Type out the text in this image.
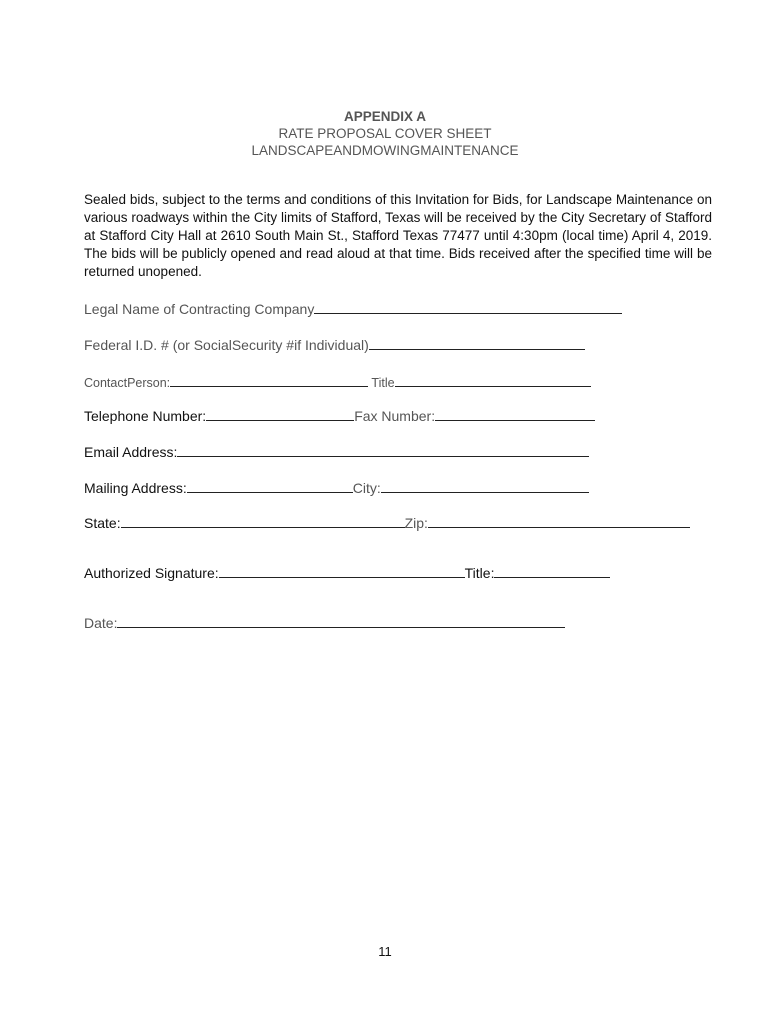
APPENDIX A
RATE PROPOSAL COVER SHEET
LANDSCAPEANDMOWINGMAINTENANCE
Sealed bids, subject to the terms and conditions of this Invitation for Bids, for Landscape Maintenance on various roadways within the City limits of Stafford, Texas will be received by the City Secretary of Stafford at Stafford City Hall at 2610 South Main St., Stafford Texas 77477 until 4:30pm (local time) April 4, 2019. The bids will be publicly opened and read aloud at that time. Bids received after the specified time will be returned unopened.
Legal Name of Contracting Company
Federal I.D. # (or SocialSecurity #if Individual)
ContactPerson:	Title
Telephone Number:	Fax Number:
Email Address:
Mailing Address:	City:
State:	Zip:
Authorized Signature:	Title:
Date:
11
